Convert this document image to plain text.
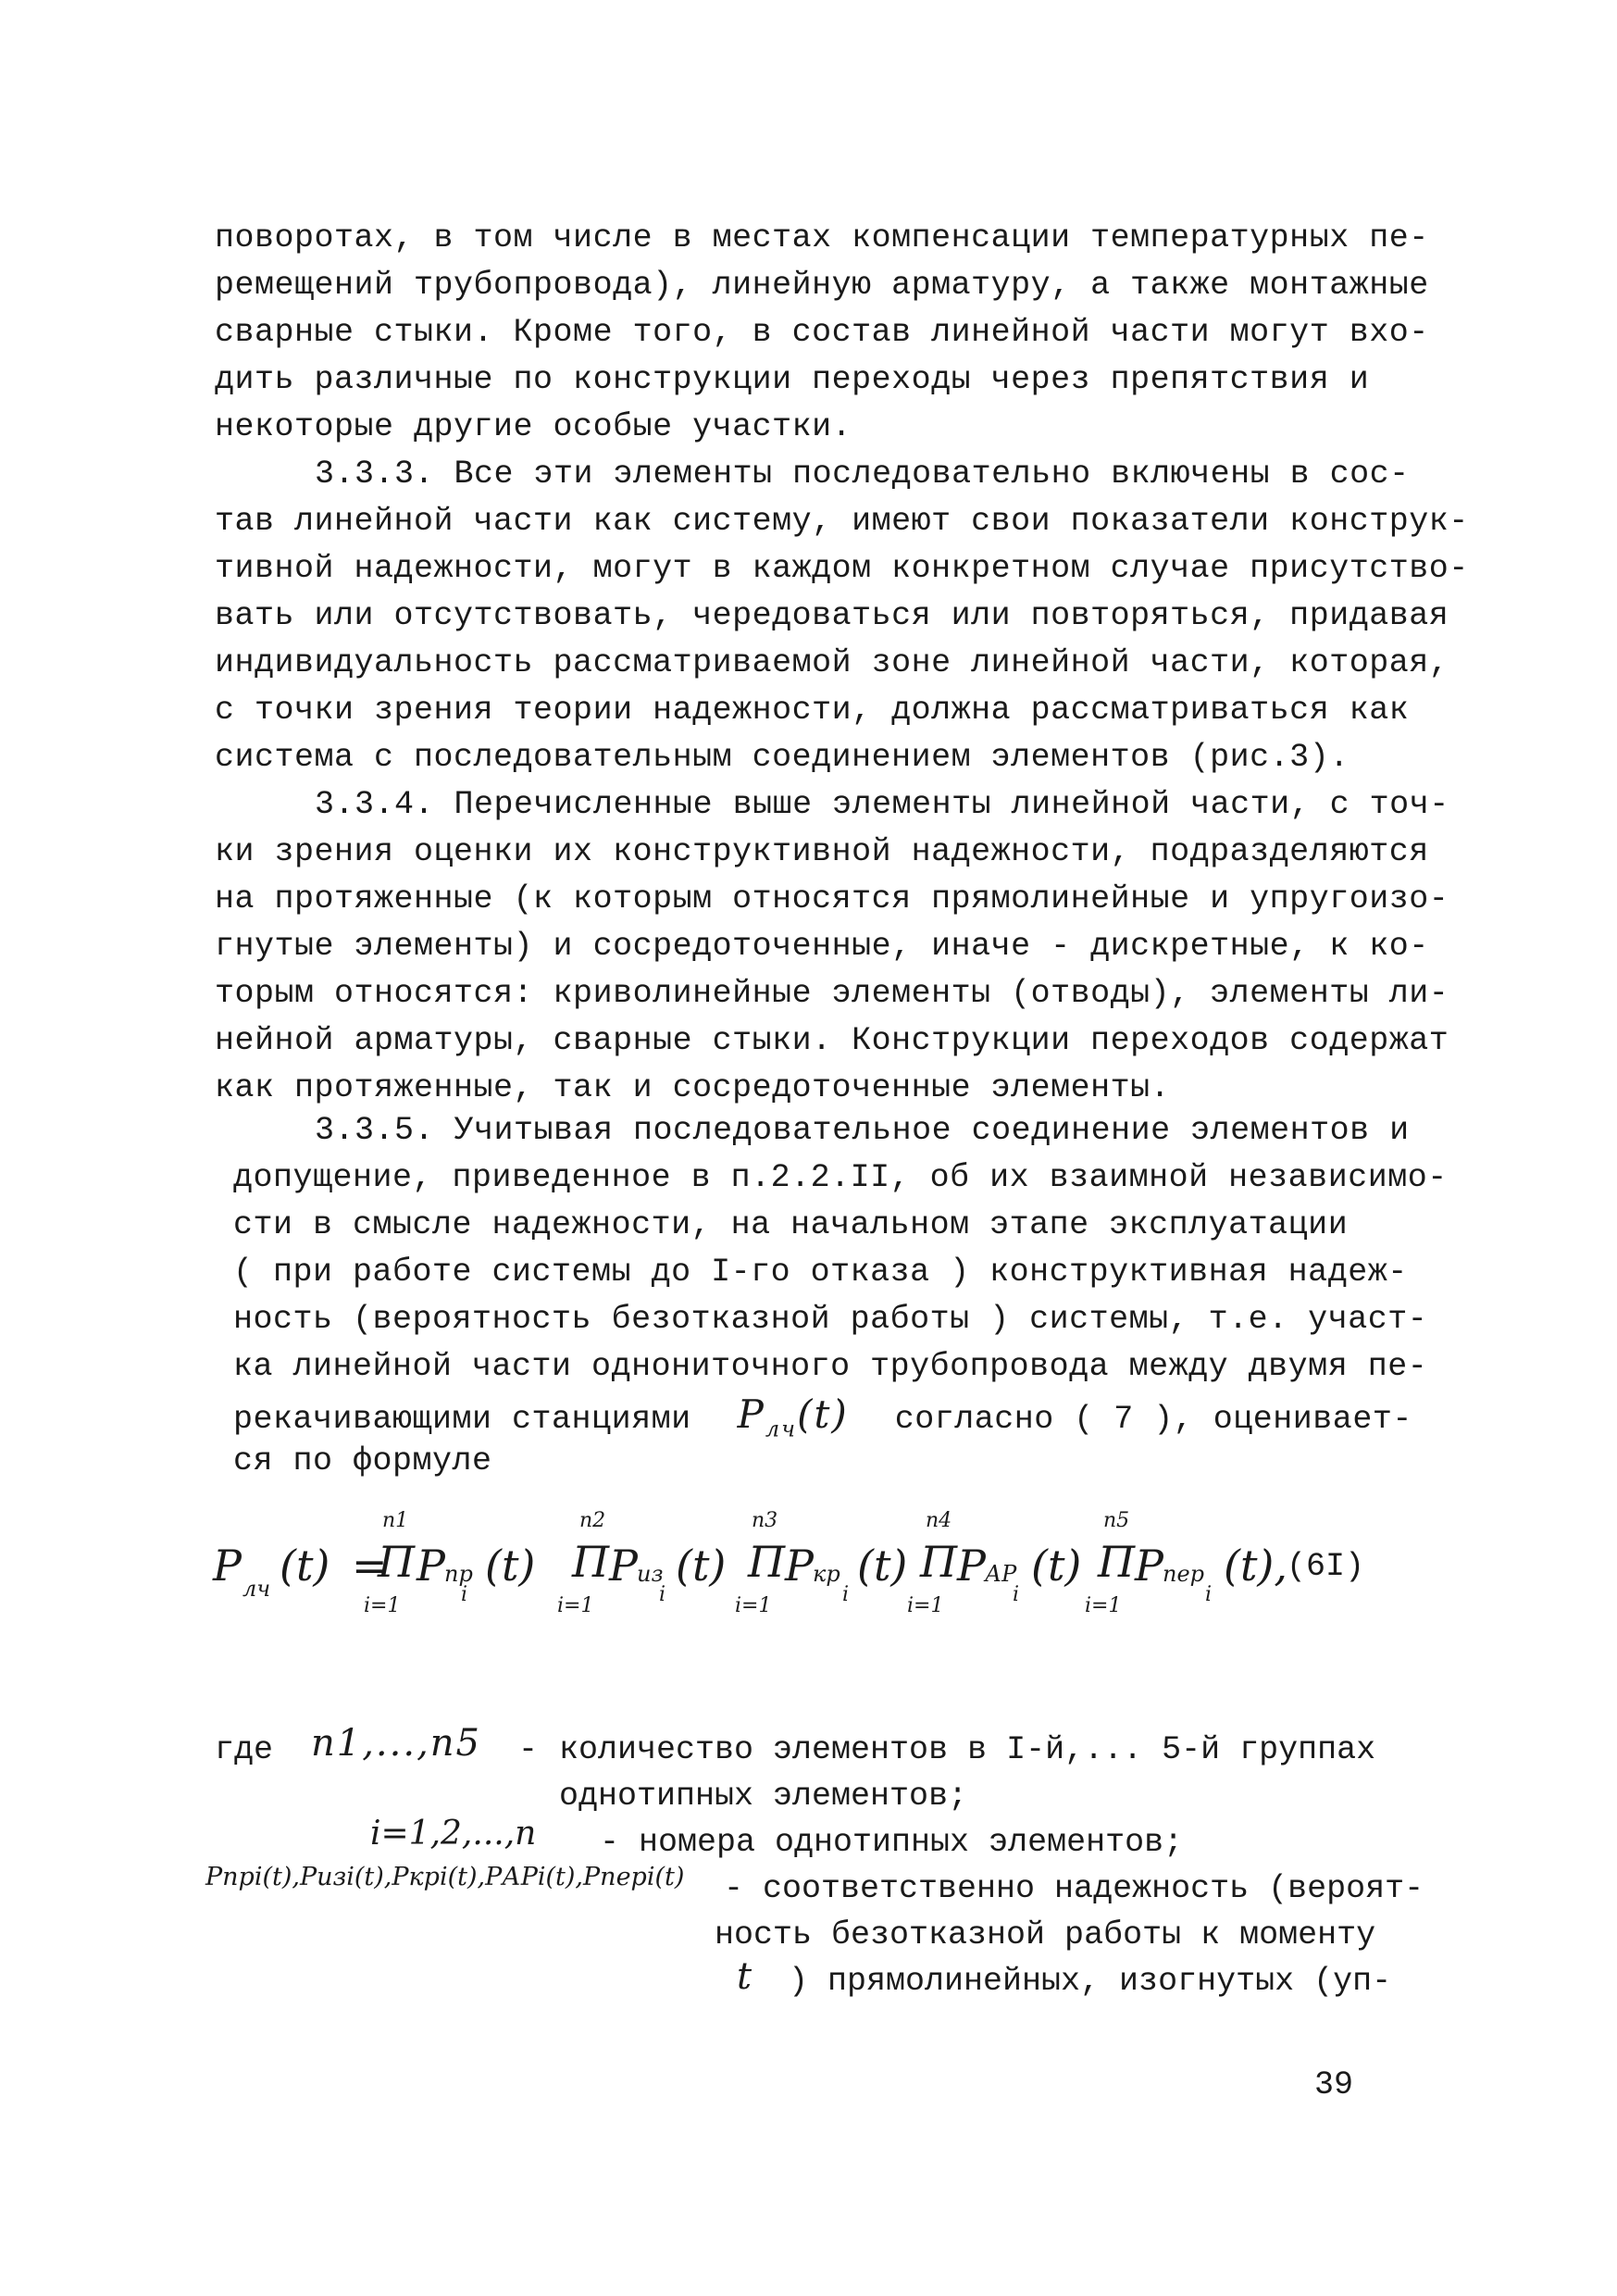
поворотах, в том числе в местах компенсации температурных пе-
ремещений трубопровода), линейную арматуру, а также монтажные
сварные стыки. Кроме того, в состав линейной части могут вхо-
дить различные по конструкции переходы через препятствия и
некоторые другие особые участки.
3.3.3. Все эти элементы последовательно включены в сос-
тав линейной части как систему, имеют свои показатели конструк-
тивной надежности, могут в каждом конкретном случае присутство-
вать или отсутствовать, чередоваться или повторяться, придавая
индивидуальность рассматриваемой зоне линейной части, которая,
с точки зрения теории надежности, должна рассматриваться как
система с последовательным соединением элементов (рис.3).
3.3.4. Перечисленные выше элементы линейной части, с точ-
ки зрения оценки их конструктивной надежности, подразделяются
на протяженные (к которым относятся прямолинейные и упругоизо-
гнутые элементы) и сосредоточенные, иначе - дискретные, к ко-
торым относятся: криволинейные элементы (отводы), элементы ли-
нейной арматуры, сварные стыки. Конструкции переходов содержат
как протяженные, так и сосредоточенные элементы.
3.3.5. Учитывая последовательное соединение элементов и
допущение, приведенное в п.2.2.II, об их взаимной независимо-
сти в смысле надежности, на начальном этапе эксплуатации
( при работе системы до I-го отказа ) конструктивная надеж-
ность (вероятность безотказной работы ) системы, т.е. участ-
ка линейной части однониточного трубопровода между двумя пе-
рекачивающими станциями $P_{лч}(t)$ согласно ( 7 ), оценивает-
ся по формуле
P лч (t) =
n1
П
i=1
P пр
i
(t)
n2
П
i=1
P из
i
(t)
n3
П
i=1
P кр
i
(t)
n4
П
i=1
P АР
i
(t)
n5
П
i=1
P пер
i
(t), (6I)
где n1,...,n5 - количество элементов в I-й,... 5-й группах
однотипных элементов;
i=1,2,...,n - номера однотипных элементов;
Pпрi(t),Pизi(t),Pкрi(t),PАРi(t),Pперi(t) - соответственно надежность (вероят-
ность безотказной работы к моменту
t ) прямолинейных, изогнутых (уп-
39
